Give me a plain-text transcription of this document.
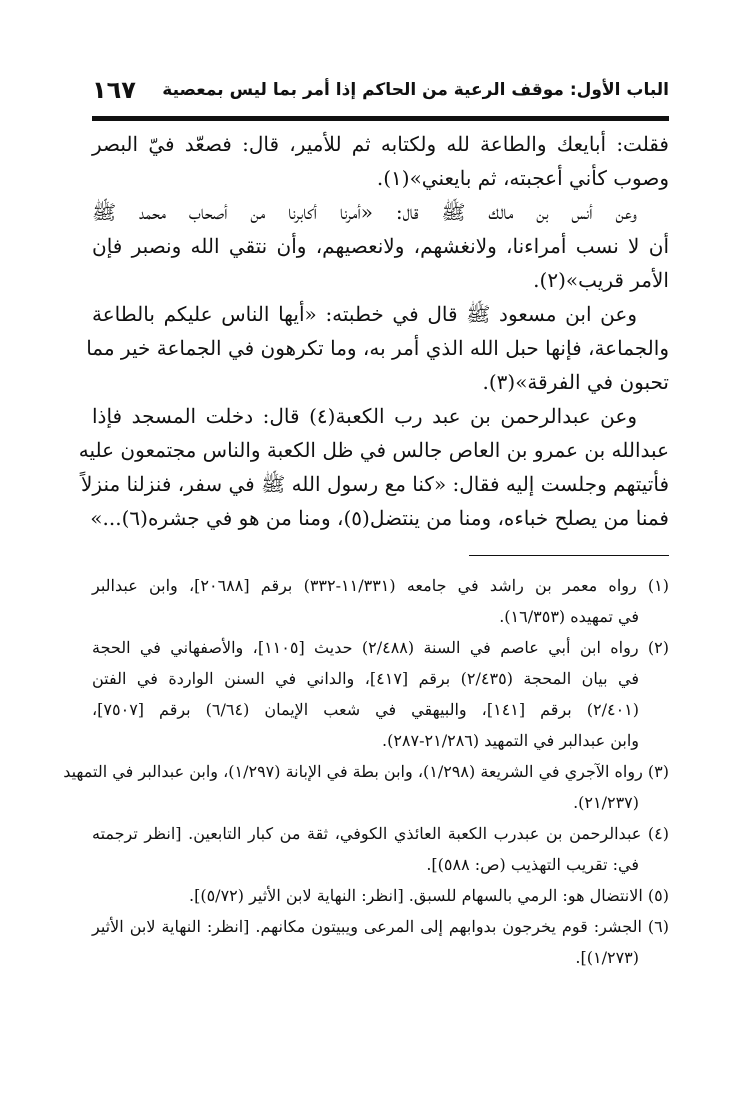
الباب الأول: موقف الرعية من الحاكم إذا أمر بما ليس بمعصية
١٦٧
فقلت: أبايعك والطاعة لله ولكتابه ثم للأمير، قال: فصعّد فيّ البصر
وصوب كأني أعجبته، ثم بايعني»(١).
وعن أنس بن مالك ﷺ قال: «أمرنا أكابرنا من أصحاب محمد ﷺ
أن لا نسب أمراءنا، ولانغشهم، ولانعصيهم، وأن نتقي الله ونصبر فإن
الأمر قريب»(٢).
وعن ابن مسعود ﷺ قال في خطبته: «أيها الناس عليكم بالطاعة
والجماعة، فإنها حبل الله الذي أمر به، وما تكرهون في الجماعة خير مما
تحبون في الفرقة»(٣).
وعن عبدالرحمن بن عبد رب الكعبة(٤) قال: دخلت المسجد فإذا
عبدالله بن عمرو بن العاص جالس في ظل الكعبة والناس مجتمعون عليه
فأتيتهم وجلست إليه فقال: «كنا مع رسول الله ﷺ في سفر، فنزلنا منزلاً
فمنا من يصلح خباءه، ومنا من ينتضل(٥)، ومنا من هو في جشره(٦)...»
(١) رواه معمر بن راشد في جامعه (١١/٣٣١-٣٣٢) برقم [٢٠٦٨٨]، وابن عبدالبر
في تمهيده (١٦/٣٥٣).
(٢) رواه ابن أبي عاصم في السنة (٢/٤٨٨) حديث [١١٠٥]، والأصفهاني في الحجة
في بيان المحجة (٢/٤٣٥) برقم [٤١٧]، والداني في السنن الواردة في الفتن
(٢/٤٠١) برقم [١٤١]، والبيهقي في شعب الإيمان (٦/٦٤) برقم [٧٥٠٧]،
وابن عبدالبر في التمهيد (٢١/٢٨٦-٢٨٧).
(٣) رواه الآجري في الشريعة (١/٢٩٨)، وابن بطة في الإبانة (١/٢٩٧)، وابن عبدالبر في التمهيد
(٢١/٢٣٧).
(٤) عبدالرحمن بن عبدرب الكعبة العائذي الكوفي، ثقة من كبار التابعين. [انظر ترجمته
في: تقريب التهذيب (ص: ٥٨٨)].
(٥) الانتضال هو: الرمي بالسهام للسبق. [انظر: النهاية لابن الأثير (٥/٧٢)].
(٦) الجشر: قوم يخرجون بدوابهم إلى المرعى ويبيتون مكانهم. [انظر: النهاية لابن الأثير
(١/٢٧٣)].
